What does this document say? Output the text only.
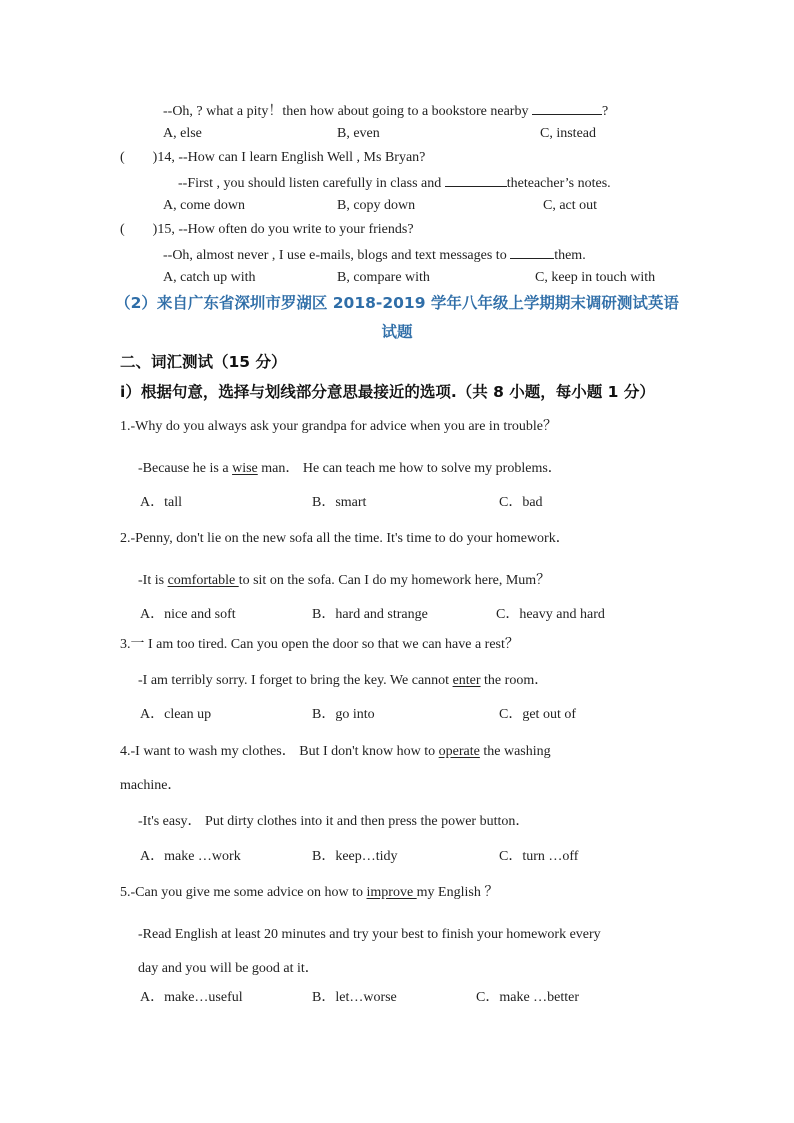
--Oh, ? what a pity！then how about going to a bookstore nearby	?
A, else	B, even	C, instead
(　　)14, --How can I learn English Well , Ms Bryan?
--First , you should listen carefully in class and	theteacher’s notes.
A, come down	B, copy down	C, act out
(　　)15, --How often do you write to your friends?
--Oh, almost never , I use e-mails, blogs and text messages to	them.
A, catch up with	B, compare with	C, keep in touch with
（2）来自广东省深圳市罗湖区 2018-2019 学年八年级上学期期末调研测试英语
试题
二、词汇测试（15 分）
i）根据句意，选择与划线部分意思最接近的选项.（共 8 小题，每小题 1 分）
1.-Why do you always ask your grandpa for advice when you are in trouble？
-Because he is a wise man． He can teach me how to solve my problems．
A．tall	B．smart	C．bad
2.-Penny, don't lie on the new sofa all the time. It's time to do your homework．
-It is comfortable to sit on the sofa. Can I do my homework here, Mum？
A．nice and soft	B．hard and strange	C．heavy and hard
3.一 I am too tired. Can you open the door so that we can have a rest？
-I am terribly sorry. I forget to bring the key. We cannot enter the room．
A．clean up	B．go into	C．get out of
4.-I want to wash my clothes． But I don't know how to operate the washing
machine．
-It's easy． Put dirty clothes into it and then press the power button．
A．make …work	B．keep…tidy	C．turn …off
5.-Can you give me some advice on how to improve my English ？
-Read English at least 20 minutes and try your best to finish your homework every
day and you will be good at it．
A．make…useful	B．let…worse	C．make …better
